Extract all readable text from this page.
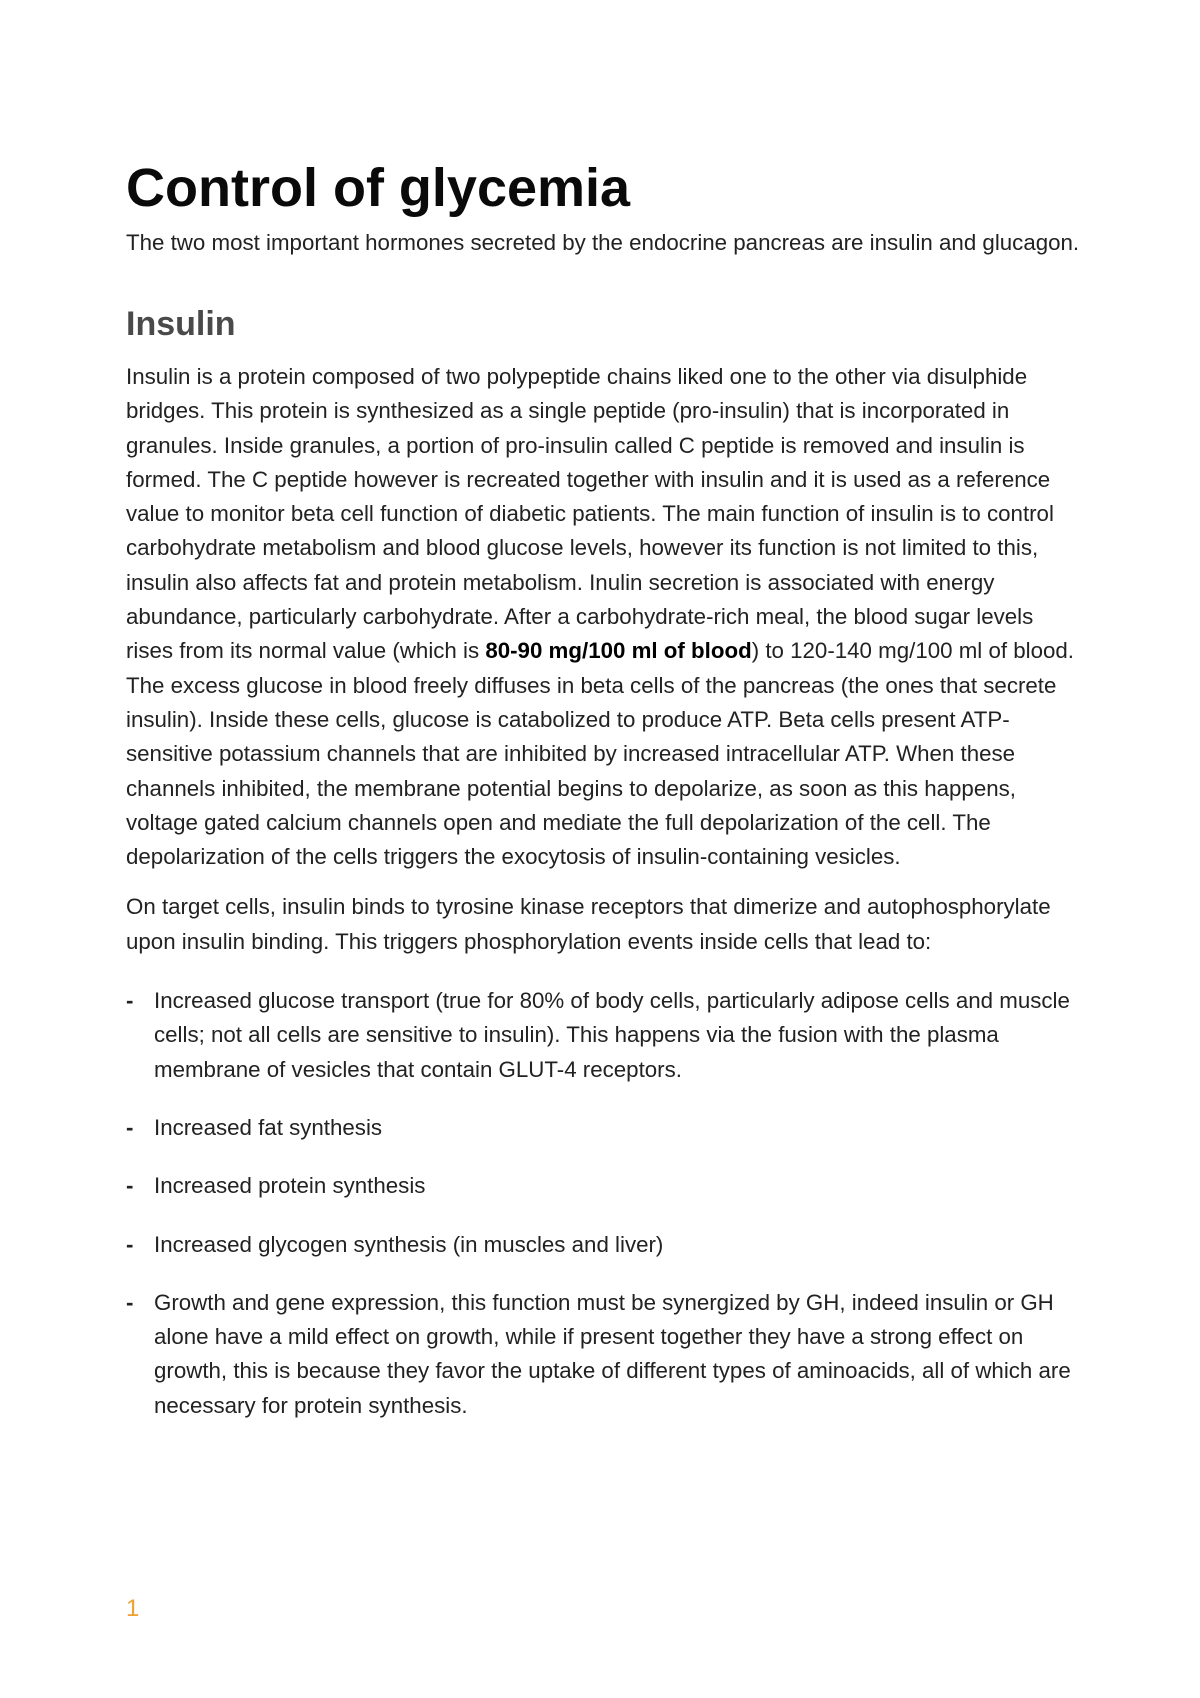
Control of glycemia

The two most important hormones secreted by the endocrine pancreas are insulin and glucagon.

Insulin

Insulin is a protein composed of two polypeptide chains liked one to the other via disulphide bridges. This protein is synthesized as a single peptide (pro-insulin) that is incorporated in granules. Inside granules, a portion of pro-insulin called C peptide is removed and insulin is formed. The C peptide however is recreated together with insulin and it is used as a reference value to monitor beta cell function of diabetic patients. The main function of insulin is to control carbohydrate metabolism and blood glucose levels, however its function is not limited to this, insulin also affects fat and protein metabolism. Inulin secretion is associated with energy abundance, particularly carbohydrate. After a carbohydrate-rich meal, the blood sugar levels rises from its normal value (which is 80-90 mg/100 ml of blood) to 120-140 mg/100 ml of blood. The excess glucose in blood freely diffuses in beta cells of the pancreas (the ones that secrete insulin). Inside these cells, glucose is catabolized to produce ATP. Beta cells present ATP-sensitive potassium channels that are inhibited by increased intracellular ATP. When these channels inhibited, the membrane potential begins to depolarize, as soon as this happens, voltage gated calcium channels open and mediate the full depolarization of the cell. The depolarization of the cells triggers the exocytosis of insulin-containing vesicles.

On target cells, insulin binds to tyrosine kinase receptors that dimerize and autophosphorylate upon insulin binding. This triggers phosphorylation events inside cells that lead to:

- Increased glucose transport (true for 80% of body cells, particularly adipose cells and muscle cells; not all cells are sensitive to insulin). This happens via the fusion with the plasma membrane of vesicles that contain GLUT-4 receptors.
- Increased fat synthesis
- Increased protein synthesis
- Increased glycogen synthesis (in muscles and liver)
- Growth and gene expression, this function must be synergized by GH, indeed insulin or GH alone have a mild effect on growth, while if present together they have a strong effect on growth, this is because they favor the uptake of different types of aminoacids, all of which are necessary for protein synthesis.
1
